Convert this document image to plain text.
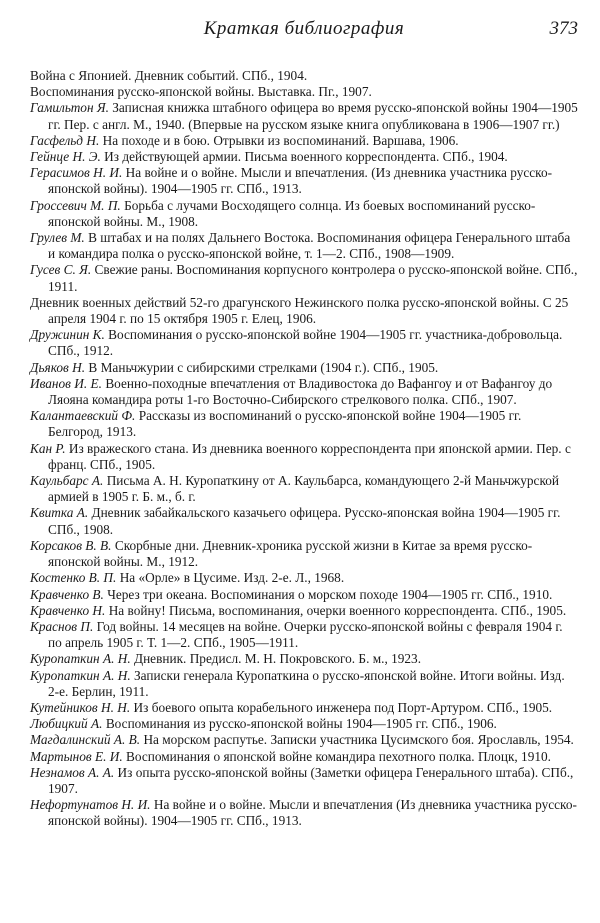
Краткая библиография	373

Война с Японией. Дневник событий. СПб., 1904.

Воспоминания русско-японской войны. Выставка. Пг., 1907.

Гамильтон Я. Записная книжка штабного офицера во время русско-японской войны 1904—1905 гг. Пер. с англ. М., 1940. (Впервые на русском языке книга опубликована в 1906—1907 гг.)

Гасфельд Н. На походе и в бою. Отрывки из воспоминаний. Варшава, 1906.

Гейнце Н. Э. Из действующей армии. Письма военного корреспондента. СПб., 1904.

Герасимов Н. И. На войне и о войне. Мысли и впечатления. (Из дневника участника русско-японской войны). 1904—1905 гг. СПб., 1913.

Гроссевич М. П. Борьба с лучами Восходящего солнца. Из боевых воспоминаний русско-японской войны. М., 1908.

Грулев М. В штабах и на полях Дальнего Востока. Воспоминания офицера Генерального штаба и командира полка о русско-японской войне, т. 1—2. СПб., 1908—1909.

Гусев С. Я. Свежие раны. Воспоминания корпусного контролера о русско-японской войне. СПб., 1911.

Дневник военных действий 52-го драгунского Нежинского полка русско-японской войны. С 25 апреля 1904 г. по 15 октября 1905 г. Елец, 1906.

Дружинин К. Воспоминания о русско-японской войне 1904—1905 гг. участника-добровольца. СПб., 1912.

Дьяков Н. В Маньчжурии с сибирскими стрелками (1904 г.). СПб., 1905.

Иванов И. Е. Военно-походные впечатления от Владивостока до Вафангоу и от Вафангоу до Ляояна командира роты 1-го Восточно-Сибирского стрелкового полка. СПб., 1907.

Калантаевский Ф. Рассказы из воспоминаний о русско-японской войне 1904—1905 гг. Белгород, 1913.

Кан Р. Из вражеского стана. Из дневника военного корреспондента при японской армии. Пер. с франц. СПб., 1905.

Каульбарс А. Письма А. Н. Куропаткину от А. Каульбарса, командующего 2-й Маньчжурской армией в 1905 г. Б. м., б. г.

Квитка А. Дневник забайкальского казачьего офицера. Русско-японская война 1904—1905 гг. СПб., 1908.

Корсаков В. В. Скорбные дни. Дневник-хроника русской жизни в Китае за время русско-японской войны. М., 1912.

Костенко В. П. На «Орле» в Цусиме. Изд. 2-е. Л., 1968.

Кравченко В. Через три океана. Воспоминания о морском походе 1904—1905 гг. СПб., 1910.

Кравченко Н. На войну! Письма, воспоминания, очерки военного корреспондента. СПб., 1905.

Краснов П. Год войны. 14 месяцев на войне. Очерки русско-японской войны с февраля 1904 г. по апрель 1905 г. Т. 1—2. СПб., 1905—1911.

Куропаткин А. Н. Дневник. Предисл. М. Н. Покровского. Б. м., 1923.

Куропаткин А. Н. Записки генерала Куропаткина о русско-японской войне. Итоги войны. Изд. 2-е. Берлин, 1911.

Кутейников Н. Н. Из боевого опыта корабельного инженера под Порт-Артуром. СПб., 1905.

Любицкий А. Воспоминания из русско-японской войны 1904—1905 гг. СПб., 1906.

Магдалинский А. В. На морском распутье. Записки участника Цусимского боя. Ярославль, 1954.

Мартынов Е. И. Воспоминания о японской войне командира пехотного полка. Плоцк, 1910.

Незнамов А. А. Из опыта русско-японской войны (Заметки офицера Генерального штаба). СПб., 1907.

Нефортунатов Н. И. На войне и о войне. Мысли и впечатления (Из дневника участника русско-японской войны). 1904—1905 гг. СПб., 1913.
